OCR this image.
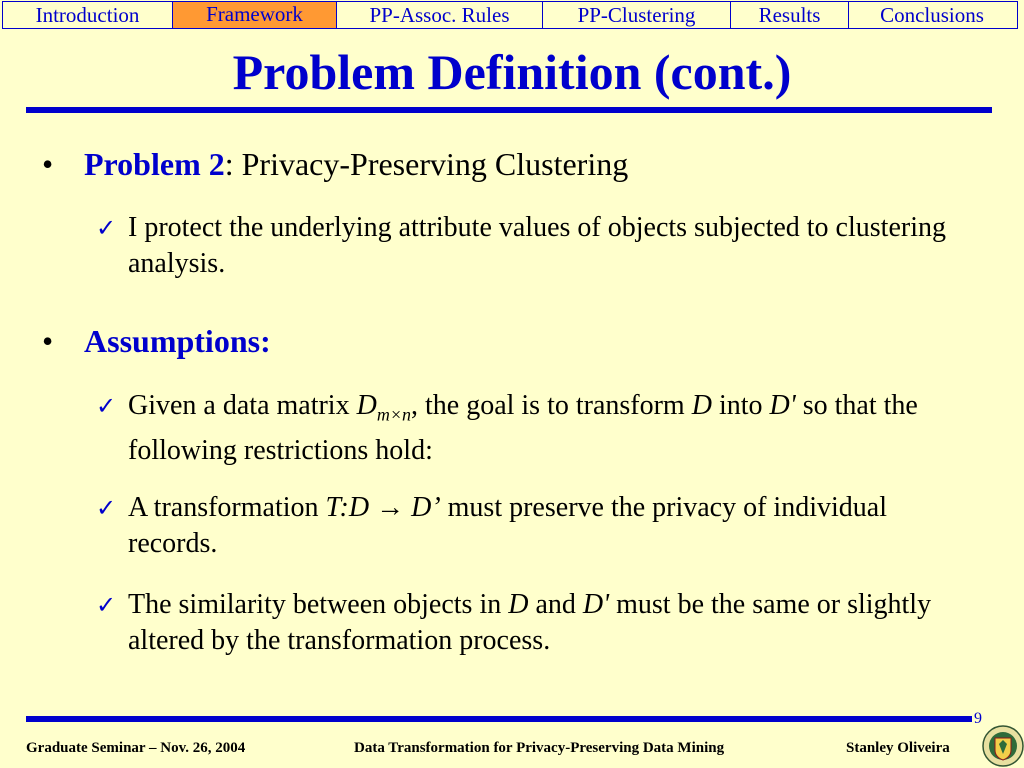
Introduction	Framework	PP-Assoc. Rules	PP-Clustering	Results	Conclusions
Problem Definition (cont.)
• Problem 2: Privacy-Preserving Clustering
✓ I protect the underlying attribute values of objects subjected to clustering analysis.
• Assumptions:
✓ Given a data matrix $D_{m\times n}$, the goal is to transform D into D' so that the following restrictions hold:
✓ A transformation T:D → D’ must preserve the privacy of individual records.
✓ The similarity between objects in D and D' must be the same or slightly altered by the transformation process.
9
Graduate Seminar – Nov. 26, 2004	Data Transformation for Privacy-Preserving Data Mining	Stanley Oliveira
